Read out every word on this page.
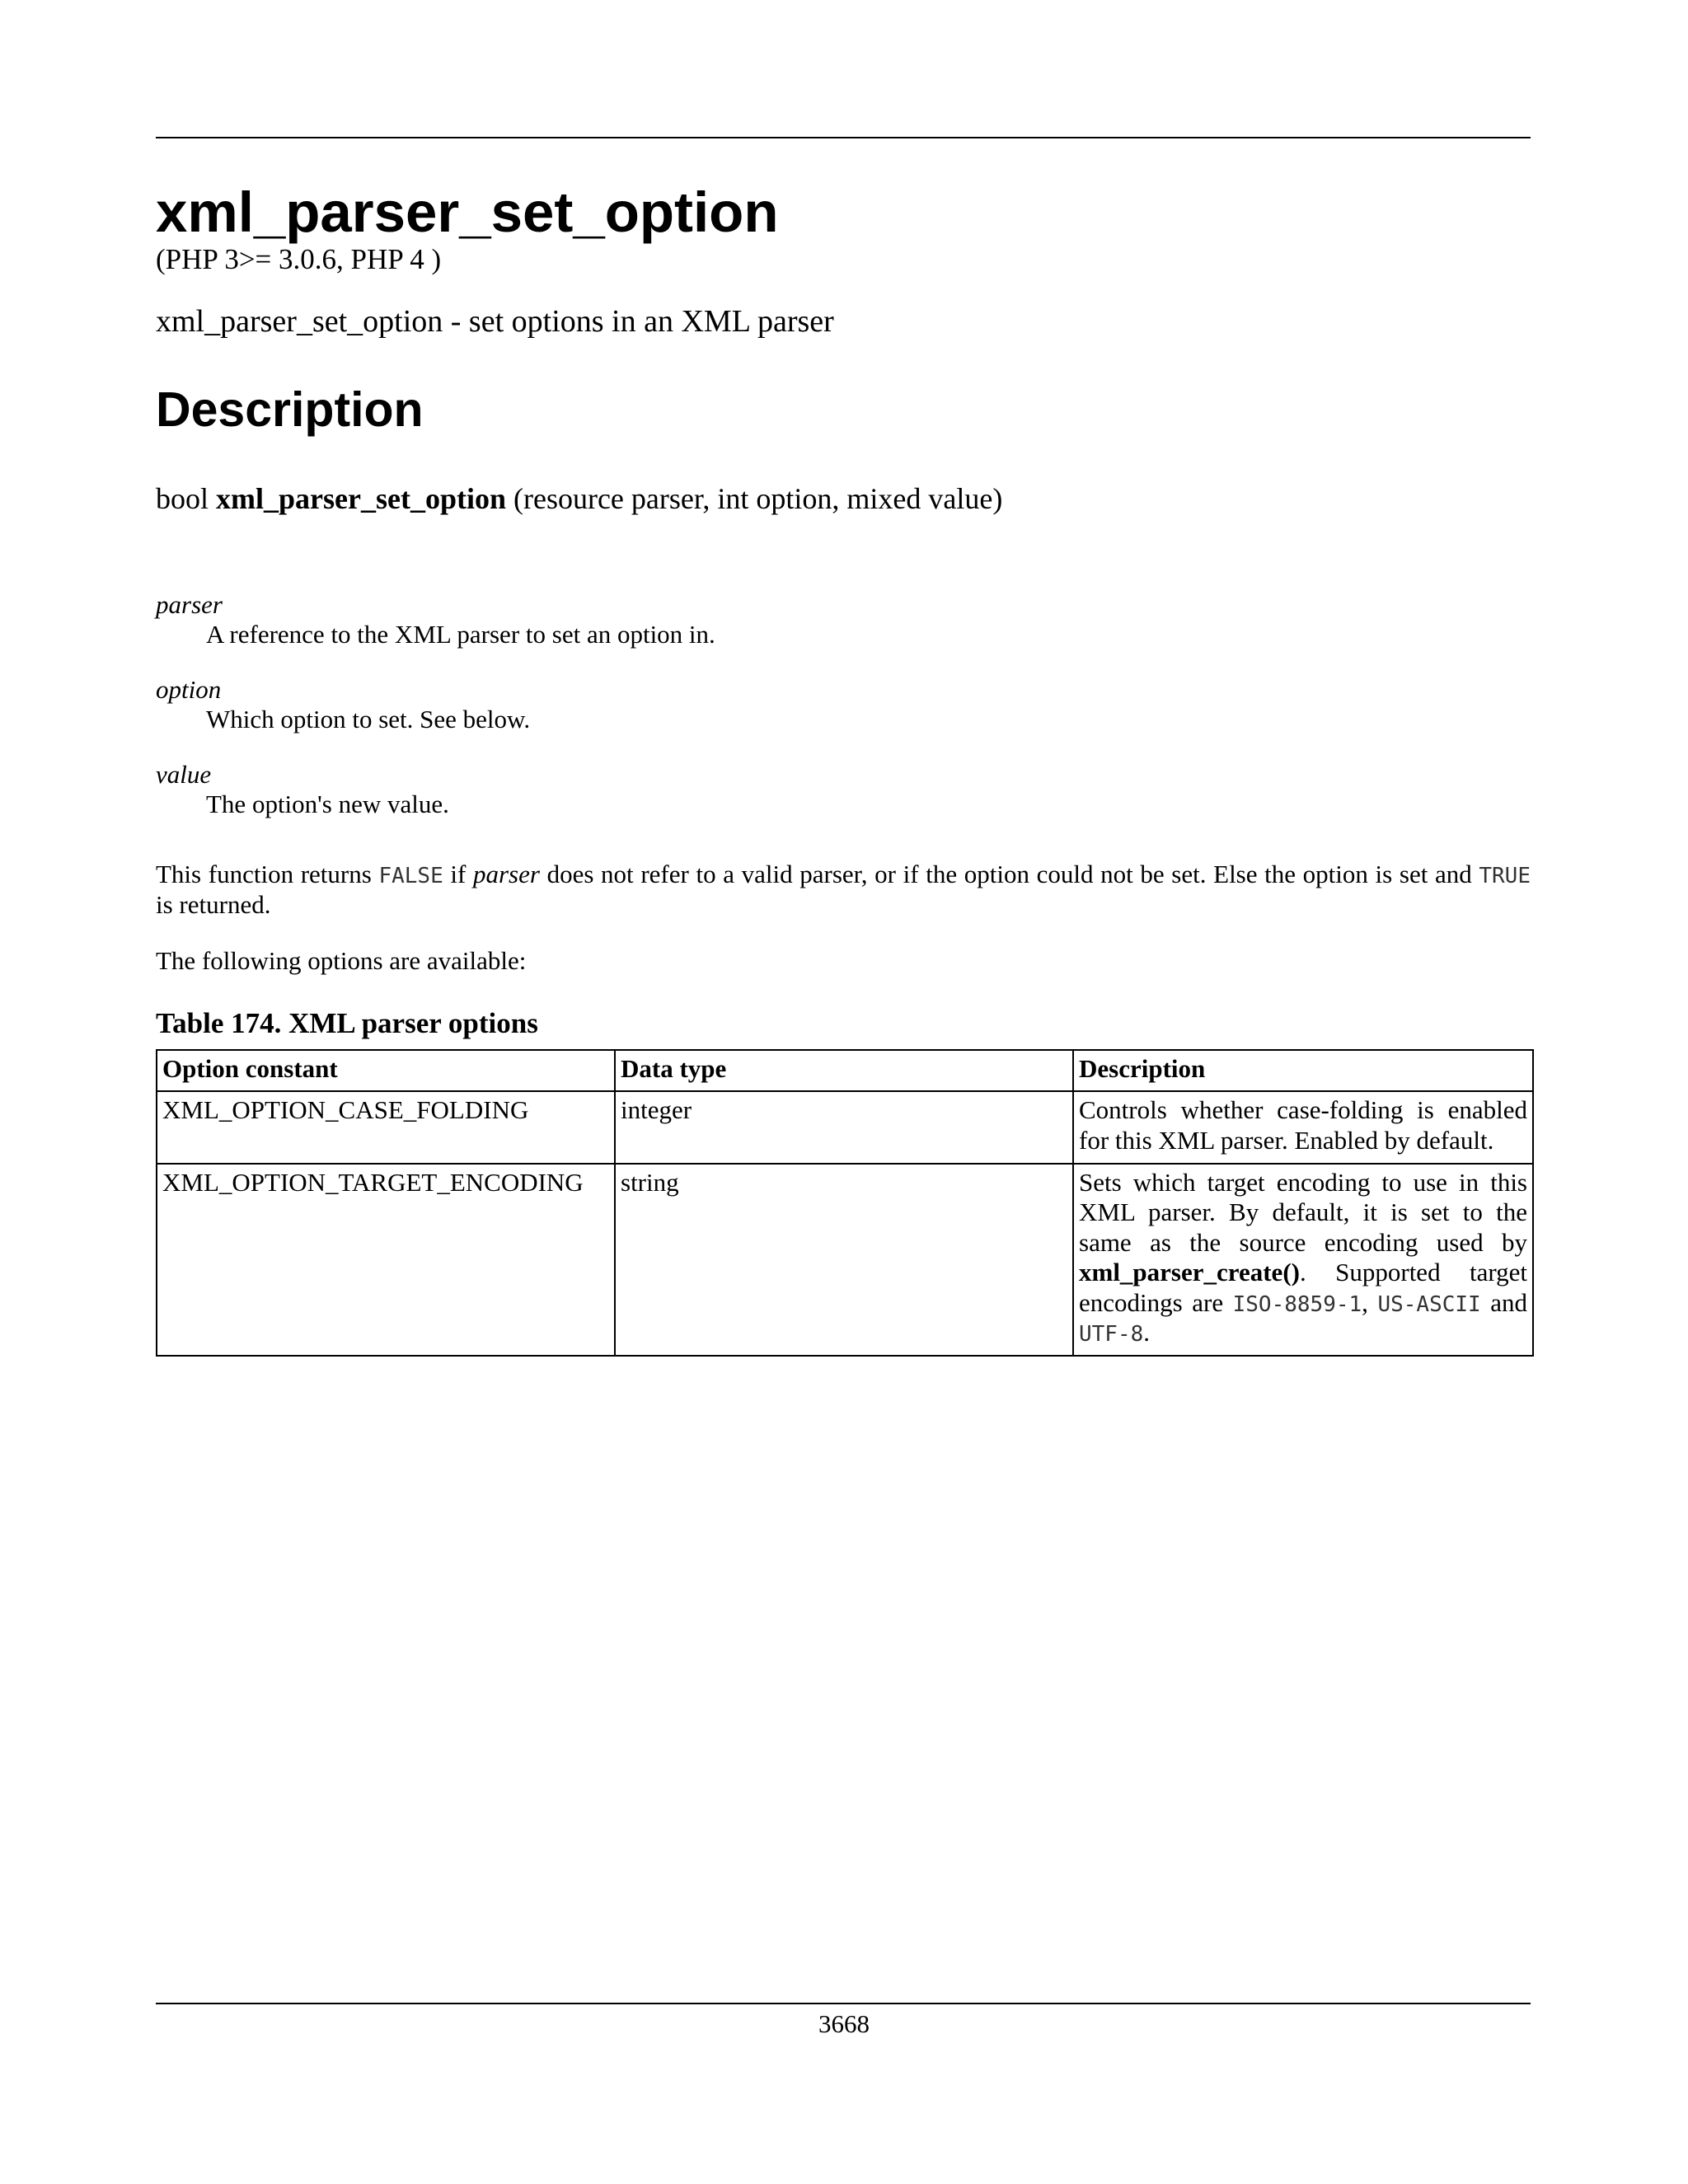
xml_parser_set_option
(PHP 3>= 3.0.6, PHP 4 )
xml_parser_set_option - set options in an XML parser
Description
bool xml_parser_set_option (resource parser, int option, mixed value)
parser
A reference to the XML parser to set an option in.
option
Which option to set. See below.
value
The option's new value.
This function returns FALSE if parser does not refer to a valid parser, or if the option could not be set. Else the option is set and TRUE is returned.
The following options are available:
Table 174. XML parser options
Option constant	Data type	Description
XML_OPTION_CASE_FOLDING	integer	Controls whether case-folding is enabled for this XML parser. Enabled by default.
XML_OPTION_TARGET_ENCODING	string	Sets which target encoding to use in this XML parser. By default, it is set to the same as the source encoding used by xml_parser_create(). Supported target encodings are ISO-8859-1, US-ASCII and UTF-8.
3668
